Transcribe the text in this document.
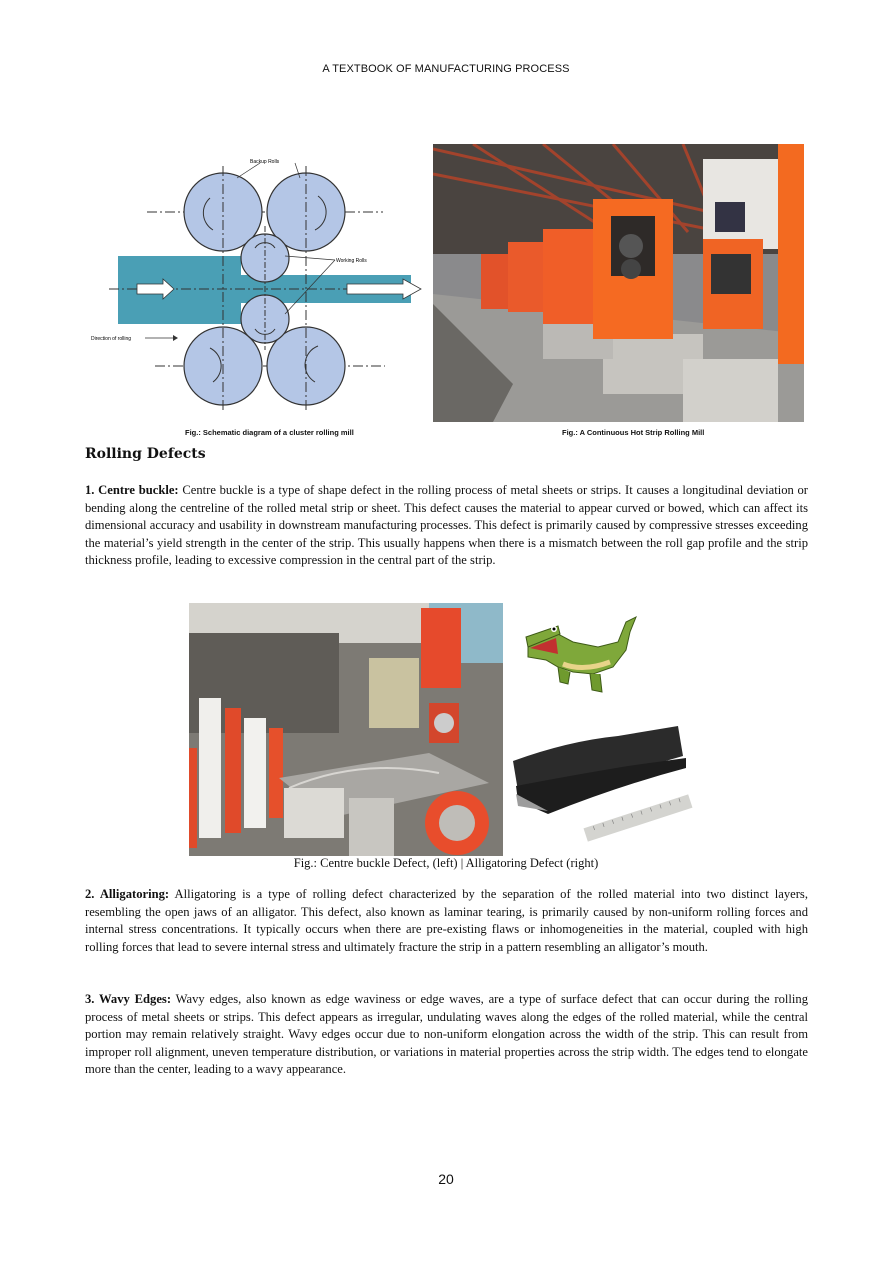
A TEXTBOOK OF MANUFACTURING PROCESS
Backup Rolls
Working Rolls
Direction of rolling
Fig.: Schematic diagram of a cluster rolling mill	Fig.: A Continuous Hot Strip Rolling Mill
Rolling Defects
1. Centre buckle: Centre buckle is a type of shape defect in the rolling process of metal sheets or strips. It causes a longitudinal deviation or bending along the centreline of the rolled metal strip or sheet. This defect causes the material to appear curved or bowed, which can affect its dimensional accuracy and usability in downstream manufacturing processes. This defect is primarily caused by compressive stresses exceeding the material’s yield strength in the center of the strip. This usually happens when there is a mismatch between the roll gap profile and the strip thickness profile, leading to excessive compression in the central part of the strip.
Fig.: Centre buckle Defect, (left) | Alligatoring Defect (right)
2. Alligatoring: Alligatoring is a type of rolling defect characterized by the separation of the rolled material into two distinct layers, resembling the open jaws of an alligator. This defect, also known as laminar tearing, is primarily caused by non-uniform rolling forces and internal stress concentrations. It typically occurs when there are pre-existing flaws or inhomogeneities in the material, coupled with high rolling forces that lead to severe internal stress and ultimately fracture the strip in a pattern resembling an alligator’s mouth.
3. Wavy Edges: Wavy edges, also known as edge waviness or edge waves, are a type of surface defect that can occur during the rolling process of metal sheets or strips. This defect appears as irregular, undulating waves along the edges of the rolled material, while the central portion may remain relatively straight. Wavy edges occur due to non-uniform elongation across the width of the strip. This can result from improper roll alignment, uneven temperature distribution, or variations in material properties across the strip width. The edges tend to elongate more than the center, leading to a wavy appearance.
20
